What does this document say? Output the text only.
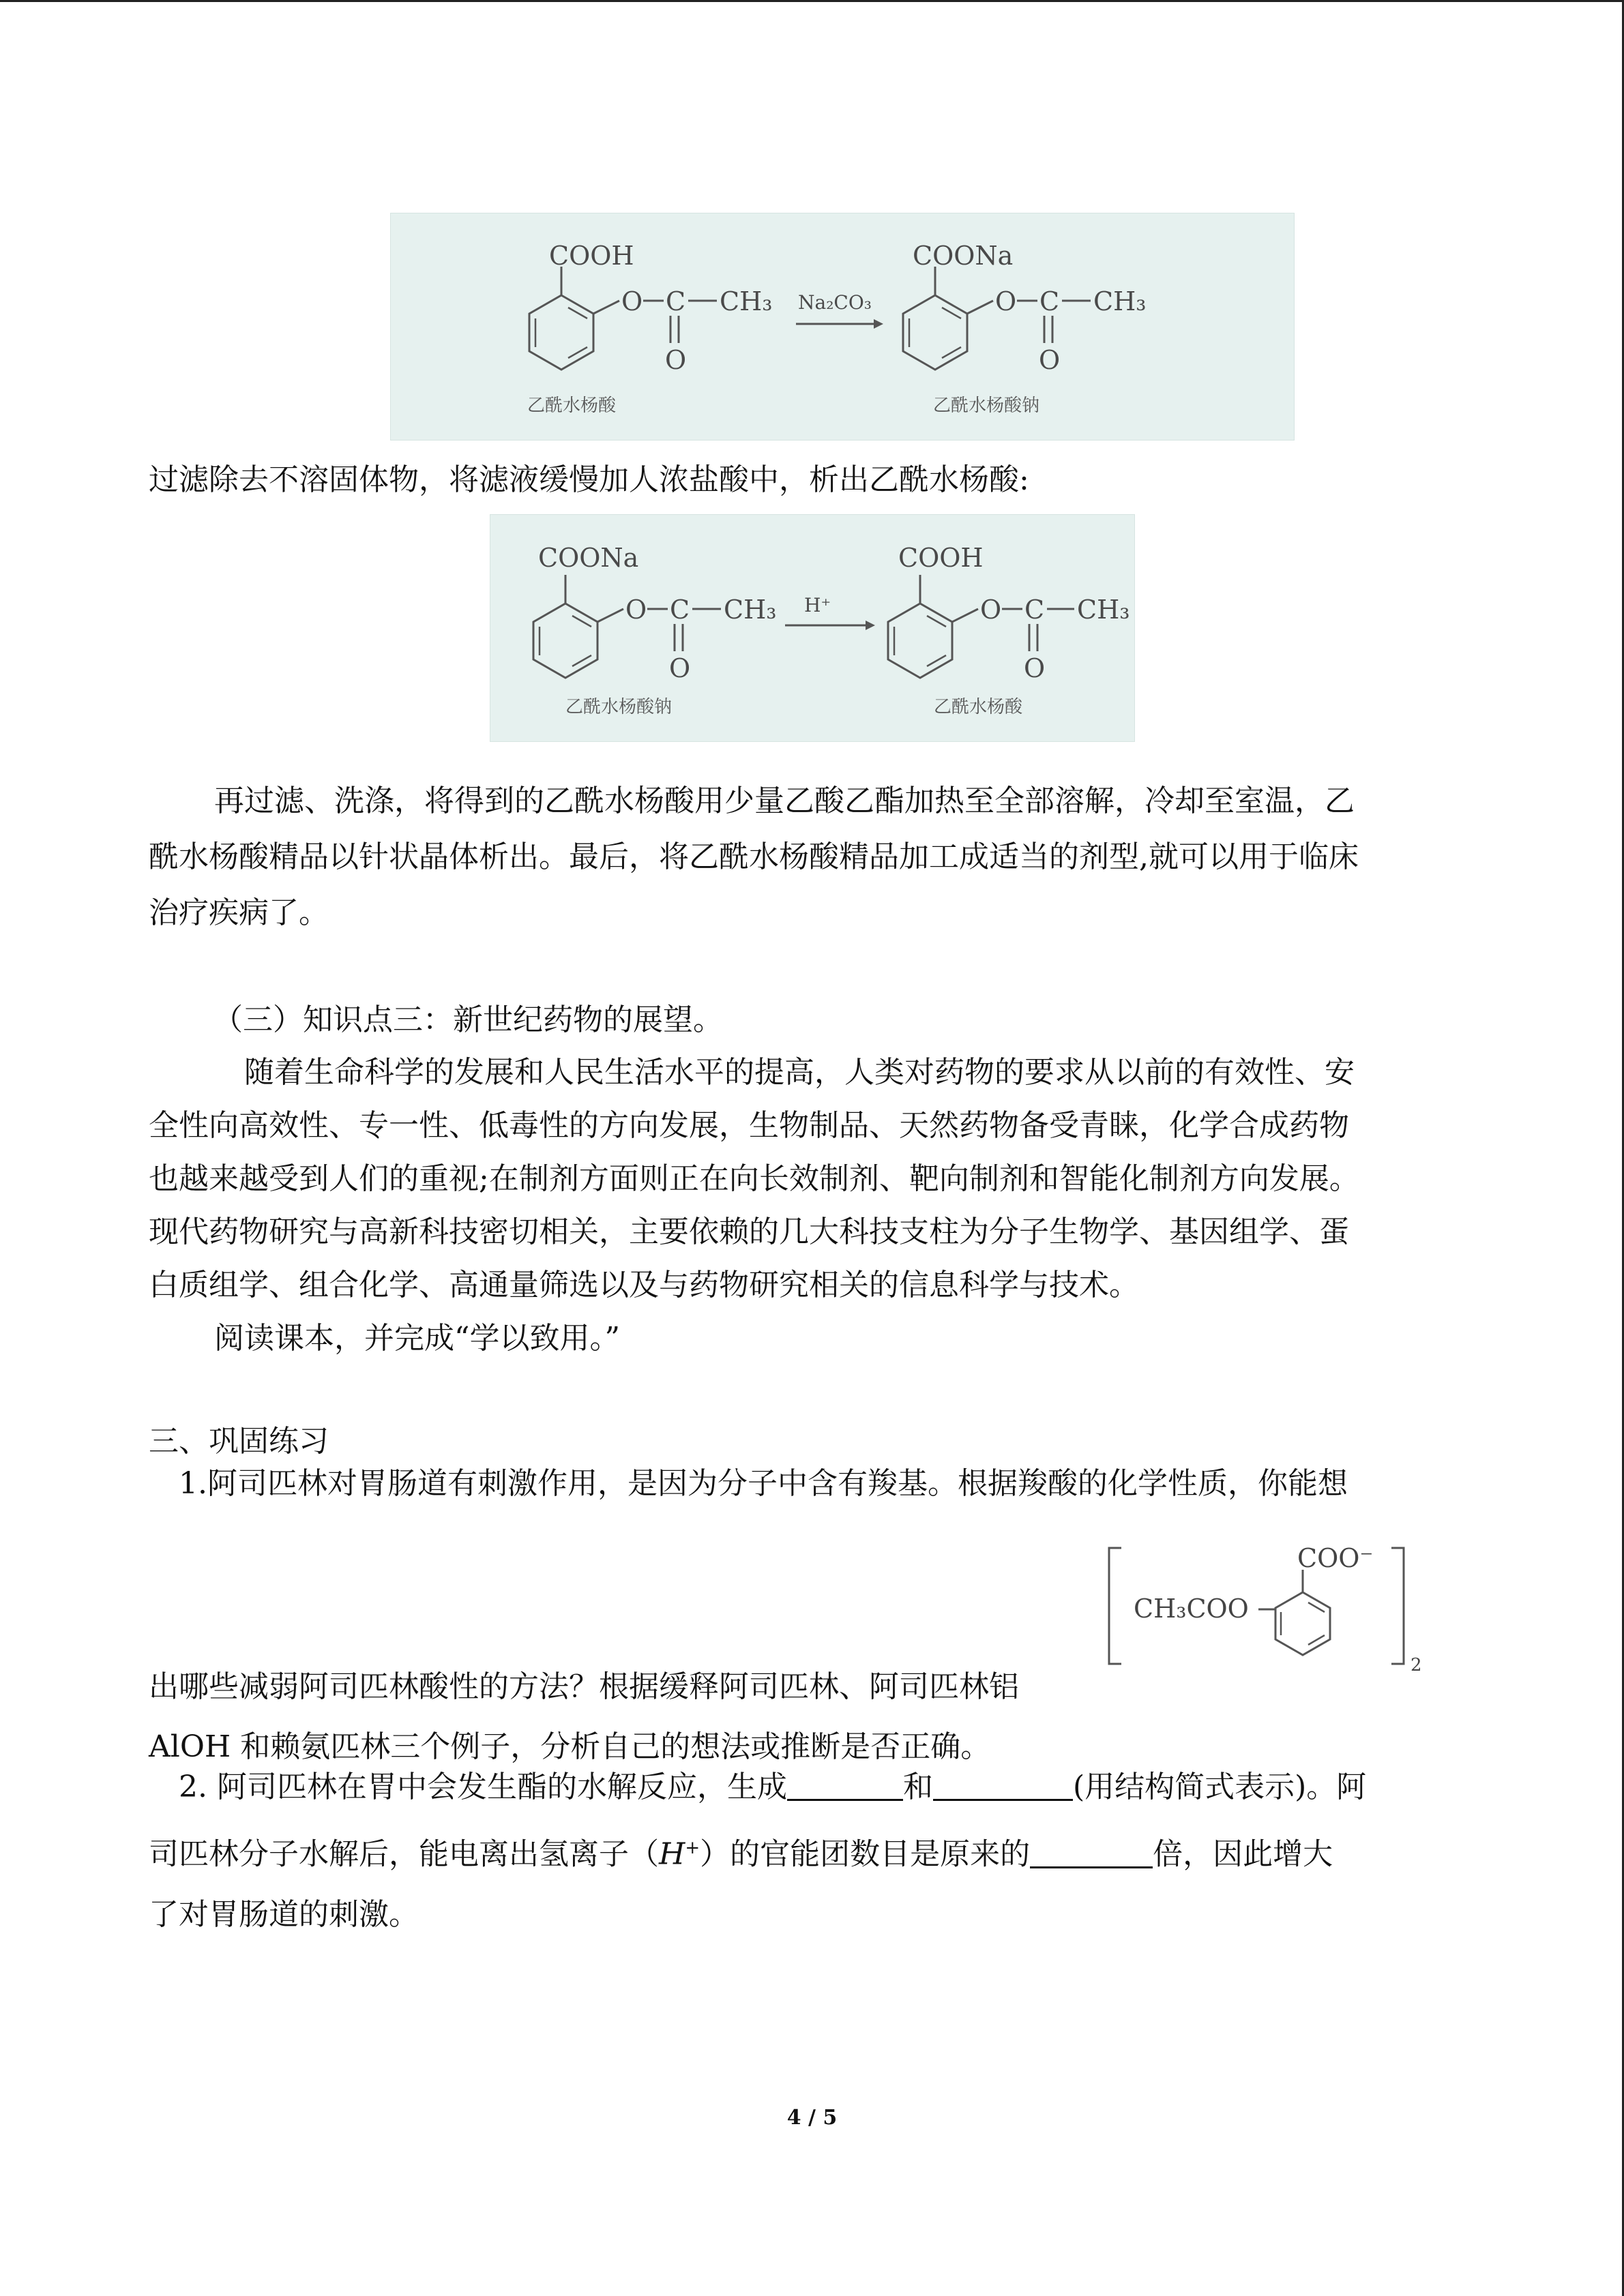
COOH
O C CH₃
O
乙酰水杨酸
Na₂CO₃
COONa
O C CH₃
O
乙酰水杨酸钠

过滤除去不溶固体物，将滤液缓慢加人浓盐酸中，析出乙酰水杨酸:

COONa
O C CH₃
O
乙酰水杨酸钠
H⁺
COOH
O C CH₃
O
乙酰水杨酸
再过滤、洗涤，将得到的乙酰水杨酸用少量乙酸乙酯加热至全部溶解，冷却至室温，乙
酰水杨酸精品以针状晶体析出。最后，将乙酰水杨酸精品加工成适当的剂型,就可以用于临床
治疗疾病了。

（三）知识点三：新世纪药物的展望。

随着生命科学的发展和人民生活水平的提高，人类对药物的要求从以前的有效性、安
全性向高效性、专一性、低毒性的方向发展，生物制品、天然药物备受青睐，化学合成药物
也越来越受到人们的重视;在制剂方面则正在向长效制剂、靶向制剂和智能化制剂方向发展。
现代药物研究与高新科技密切相关，主要依赖的几大科技支柱为分子生物学、基因组学、蛋
白质组学、组合化学、高通量筛选以及与药物研究相关的信息科学与技术。
阅读课本，并完成“学以致用。”

三、巩固练习

1.阿司匹林对胃肠道有刺激作用，是因为分子中含有羧基。根据羧酸的化学性质，你能想

2
CH₃COO
COO⁻

出哪些减弱阿司匹林酸性的方法？根据缓释阿司匹林、阿司匹林铝

AlOH 和赖氨匹林三个例子，分析自己的想法或推断是否正确。

2. 阿司匹林在胃中会发生酯的水解反应，生成	和	(用结构简式表示)。阿

司匹林分子水解后，能电离出氢离子（H+）的官能团数目是原来的	倍，因此增大

了对胃肠道的刺激。

4 / 5
